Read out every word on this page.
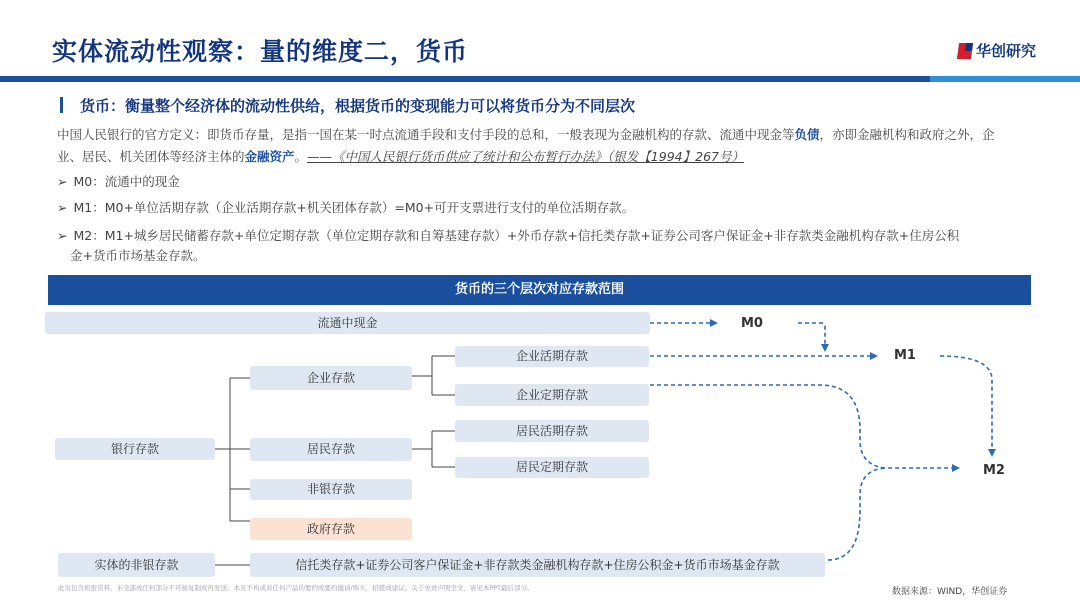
实体流动性观察：量的维度二，货币	华创研究
货币：衡量整个经济体的流动性供给，根据货币的变现能力可以将货币分为不同层次
中国人民银行的官方定义：即货币存量，是指一国在某一时点流通手段和支付手段的总和，一般表现为金融机构的存款、流通中现金等负债，亦即金融机构和政府之外，企业、居民、机关团体等经济主体的金融资产。——《中国人民银行货币供应了统计和公布暂行办法》（银发【1994】267号）
➢ M0：流通中的现金
➢ M1：M0+单位活期存款（企业活期存款+机关团体存款）=M0+可开支票进行支付的单位活期存款。
➢ M2：M1+城乡居民储蓄存款+单位定期存款（单位定期存款和自筹基建存款）+外币存款+信托类存款+证券公司客户保证金+非存款类金融机构存款+住房公积
金+货币市场基金存款。
货币的三个层次对应存款范围
流通中现金
银行存款
企业存款
企业活期存款
企业定期存款
居民存款
居民活期存款
居民定期存款
非银存款
政府存款
实体的非银存款	信托类存款+证券公司客户保证金+非存款类金融机构存款+住房公积金+货币市场基金存款
M0
M1
M2
此页包含机密资料，未全部或任何部分不可被复制或再发送。本页不构成对任何产品的要约或要约邀请/购买，招揽或建议。关于免责声明全文，请见本PPT最后部分。	数据来源：WIND，华创证券
